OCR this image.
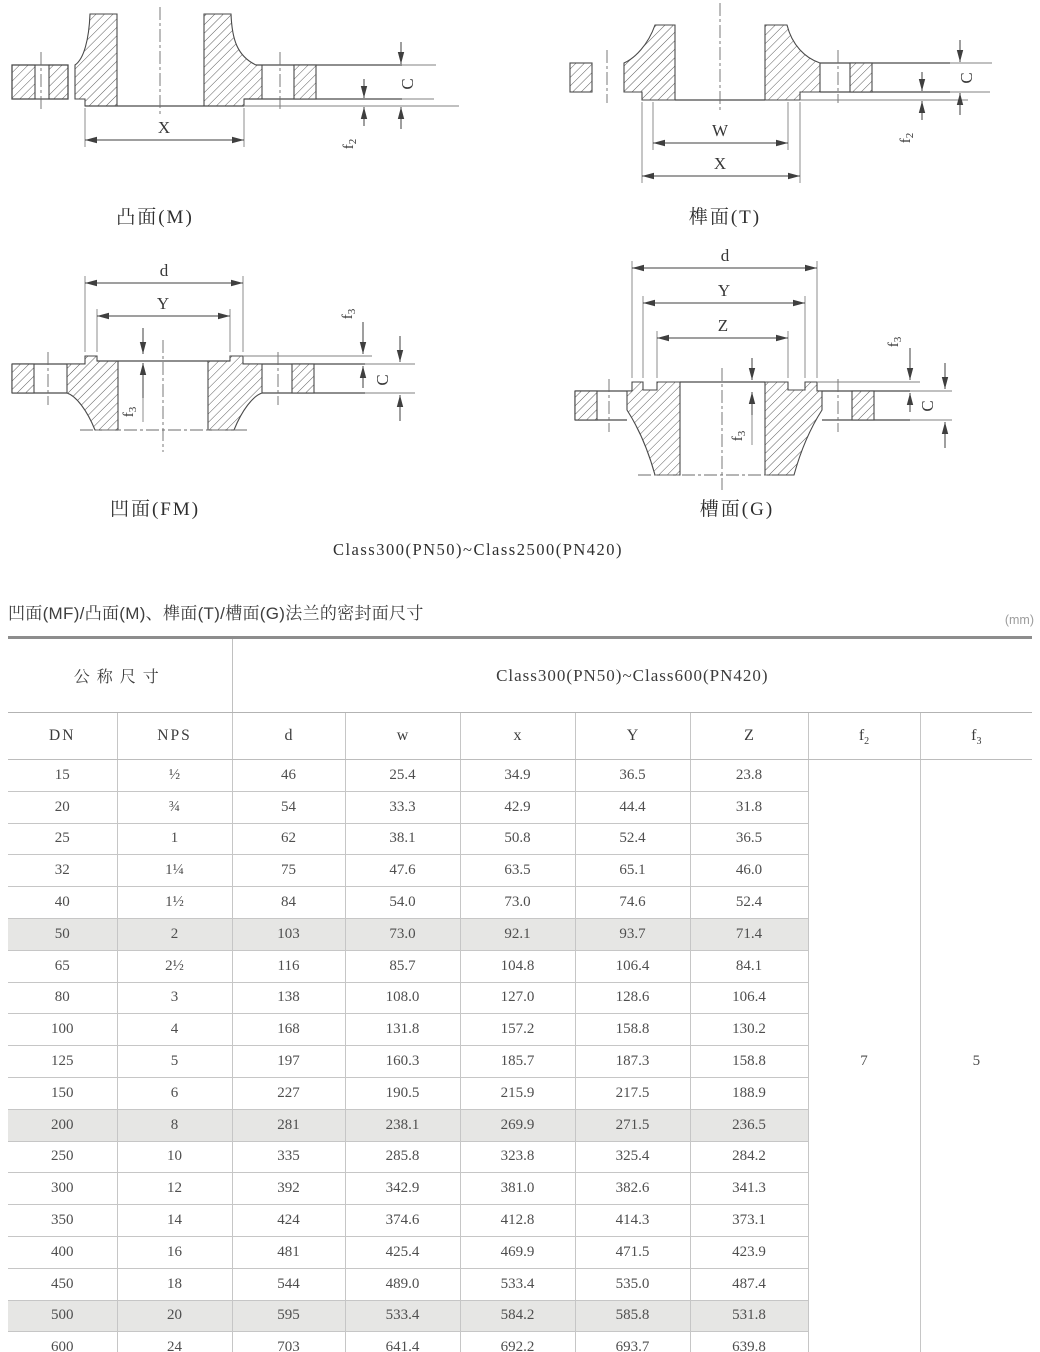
X
C
$f_2$
W
X
C
$f_2$
d
Y
$f_3$
$f_3$
C
d
Y
Z
$f_3$
$f_3$
C
凸面(M)	榫面(T)
凹面(FM)	槽面(G)
Class300(PN50)~Class2500(PN420)
凹面(MF)/凸面(M)、榫面(T)/槽面(G)法兰的密封面尺寸	(mm)
公称尺寸		Class300(PN50)~Class600(PN420)						
DN	NPS	d	w	x	Y	Z	$f_2$	$f_3$
15	½	46	25.4	34.9	36.5	23.8	7	5
20	¾	54	33.3	42.9	44.4	31.8		
25	1	62	38.1	50.8	52.4	36.5		
32	1¼	75	47.6	63.5	65.1	46.0		
40	1½	84	54.0	73.0	74.6	52.4		
50	2	103	73.0	92.1	93.7	71.4		
65	2½	116	85.7	104.8	106.4	84.1		
80	3	138	108.0	127.0	128.6	106.4		
100	4	168	131.8	157.2	158.8	130.2		
125	5	197	160.3	185.7	187.3	158.8		
150	6	227	190.5	215.9	217.5	188.9		
200	8	281	238.1	269.9	271.5	236.5		
250	10	335	285.8	323.8	325.4	284.2		
300	12	392	342.9	381.0	382.6	341.3		
350	14	424	374.6	412.8	414.3	373.1		
400	16	481	425.4	469.9	471.5	423.9		
450	18	544	489.0	533.4	535.0	487.4		
500	20	595	533.4	584.2	585.8	531.8		
600	24	703	641.4	692.2	693.7	639.8		
